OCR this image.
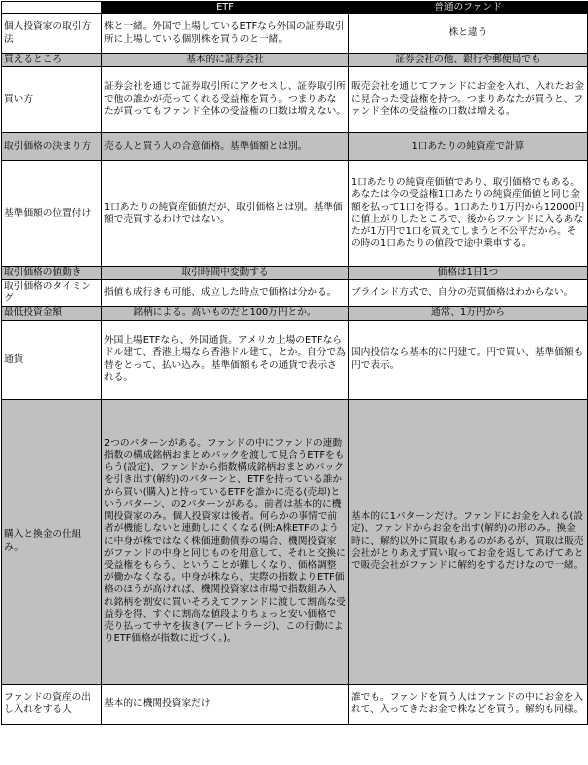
	ETF	普通のファンド
個人投資家の取引方法	株と一緒。外国で上場しているETFなら外国の証券取引所に上場している個別株を買うのと一緒。	株と違う
買えるところ	基本的に証券会社	証券会社の他、銀行や郵便局でも
買い方	証券会社を通じて証券取引所にアクセスし、証券取引所で他の誰かが売ってくれる受益権を買う。つまりあなたが買ってもファンド全体の受益権の口数は増えない。	販売会社を通じてファンドにお金を入れ、入れたお金に見合った受益権を持つ。つまりあなたが買うと、ファンド全体の受益権の口数は増える。
取引価格の決まり方	売る人と買う人の合意価格。基準価額とは別。	1口あたりの純資産で計算
基準価額の位置付け	1口あたりの純資産価値だが、取引価格とは別。基準価額で売買するわけではない。	1口あたりの純資産価値であり、取引価格でもある。あなたは今の受益権1口あたりの純資産価値と同じ金額を払って1口を得る。1口あたり1万円から12000円に値上がりしたところで、後からファンドに入るあなたが1万円で1口を買えてしまうと不公平だから。その時の1口あたりの値段で途中乗車する。
取引価格の値動き	取引時間中変動する	価格は1日1つ
取引価格のタイミング	指値も成行きも可能、成立した時点で価格は分かる。	ブラインド方式で、自分の売買価格はわからない。
最低投資金額	銘柄による。高いものだと100万円とか。	通常、1万円から
通貨	外国上場ETFなら、外国通貨。アメリカ上場のETFならドル建て、香港上場なら香港ドル建て、とか。自分で為替をとって、払い込み。基準価額もその通貨で表示される。	国内投信なら基本的に円建て。円で買い、基準価額も円で表示。
購入と換金の仕組み。	2つのパターンがある。ファンドの中にファンドの連動指数の構成銘柄おまとめパックを渡して見合うETFをもらう(設定)、ファンドから指数構成銘柄おまとめパックを引き出す(解約)のパターンと、ETFを持っている誰かから買い(購入)と持っているETFを誰かに売る(売却)というパターン、の2パターンがある。前者は基本的に機関投資家のみ。個人投資家は後者。何らかの事情で前者が機能しないと連動しにくくなる(例:A株ETFのように中身が株ではなく株価連動債券の場合、機関投資家がファンドの中身と同じものを用意して、それと交換に受益権をもらう、ということが難しくなり、価格調整が働かなくなる。中身が株なら、実際の指数よりETF価格のほうが高ければ、機関投資家は市場で指数組み入れ銘柄を割安に買いそろえてファンドに渡して割高な受益券を得、すぐに割高な値段よりちょっと安い価格で売り払ってサヤを抜き(アービトラージ)、この行動によりETF価格が指数に近づく。)。	基本的に1パターンだけ。ファンドにお金を入れる(設定)、ファンドからお金を出す(解約)の形のみ。換金時に、解約以外に買取もあるのがあるが、買取は販売会社がとりあえず買い取ってお金を返してあげてあとで販売会社がファンドに解約をするだけなので一緒。
ファンドの資産の出し入れをする人	基本的に機関投資家だけ	誰でも。ファンドを買う人はファンドの中にお金を入れて、入ってきたお金で株などを買う。解約も同様。
